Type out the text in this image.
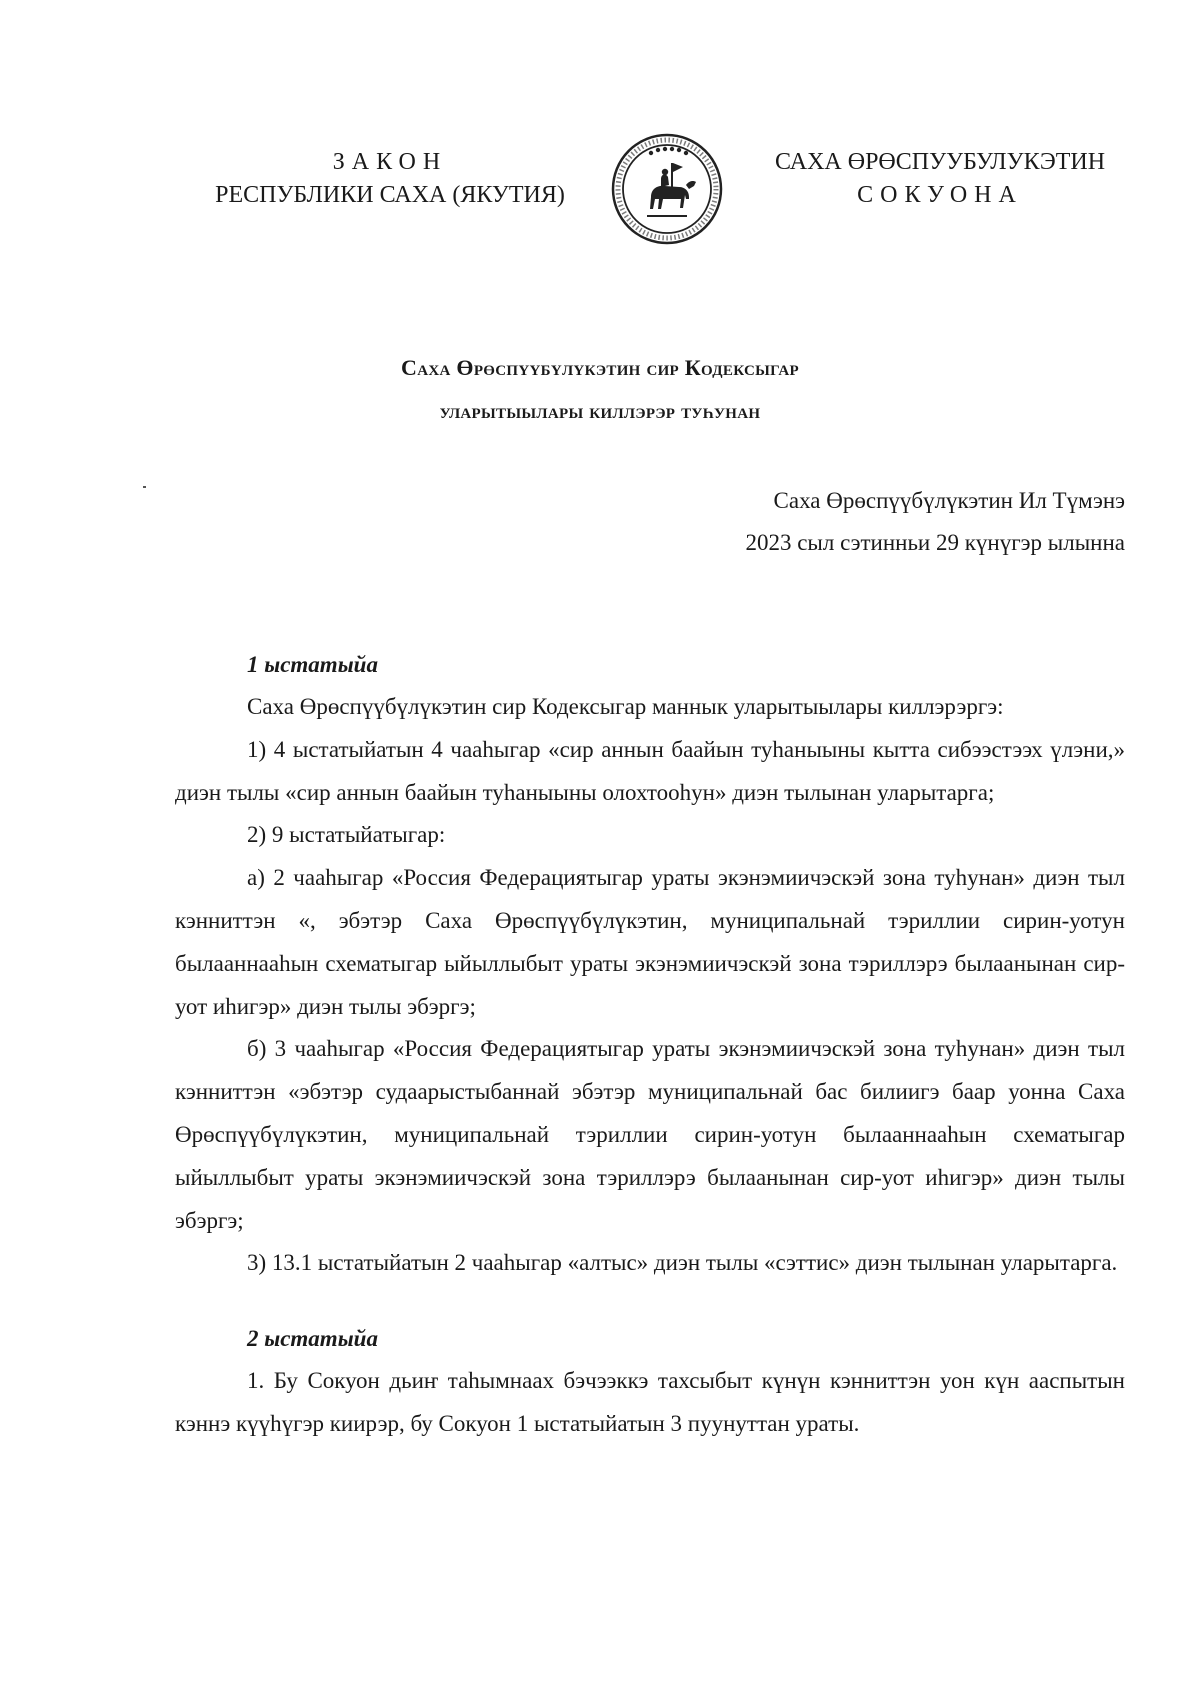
ЗАКОН
РЕСПУБЛИКИ САХА (ЯКУТИЯ)
САХА ӨРӨСПУУБУЛУКЭТИН
СОКУОНА
Саха Өрөспүүбүлүкэтин сир Кодексыгар
уларытыылары киллэрэр туһунан
Саха Өрөспүүбүлүкэтин Ил Түмэнэ
2023 сыл сэтинньи 29 күнүгэр ылынна

1 ыстатыйа

Саха Өрөспүүбүлүкэтин сир Кодексыгар маннык уларытыылары киллэрэргэ:

1) 4 ыстатыйатын 4 чааһыгар «сир аннын баайын туһаныыны кытта сибээстээх үлэни,» диэн тылы «сир аннын баайын туһаныыны олохтооһун» диэн тылынан уларытарга;

2) 9 ыстатыйатыгар:

а) 2 чааһыгар «Россия Федерациятыгар ураты экэнэмиичэскэй зона туһунан» диэн тыл кэнниттэн «, эбэтэр Саха Өрөспүүбүлүкэтин, муниципальнай тэриллии сирин-уотун былааннааһын схематыгар ыйыллыбыт ураты экэнэмиичэскэй зона тэриллэрэ былаанынан сир-уот иһигэр» диэн тылы эбэргэ;

б) 3 чааһыгар «Россия Федерациятыгар ураты экэнэмиичэскэй зона туһунан» диэн тыл кэнниттэн «эбэтэр судаарыстыбаннай эбэтэр муниципальнай бас билиигэ баар уонна Саха Өрөспүүбүлүкэтин, муниципальнай тэриллии сирин-уотун былааннааһын схематыгар ыйыллыбыт ураты экэнэмиичэскэй зона тэриллэрэ былаанынан сир-уот иһигэр» диэн тылы эбэргэ;

3) 13.1 ыстатыйатын 2 чааһыгар «алтыс» диэн тылы «сэттис» диэн тылынан уларытарга.

2 ыстатыйа

1. Бу Сокуон дьиҥ таһымнаах бэчээккэ тахсыбыт күнүн кэнниттэн уон күн ааспытын кэннэ күүһүгэр киирэр, бу Сокуон 1 ыстатыйатын 3 пуунуттан ураты.
